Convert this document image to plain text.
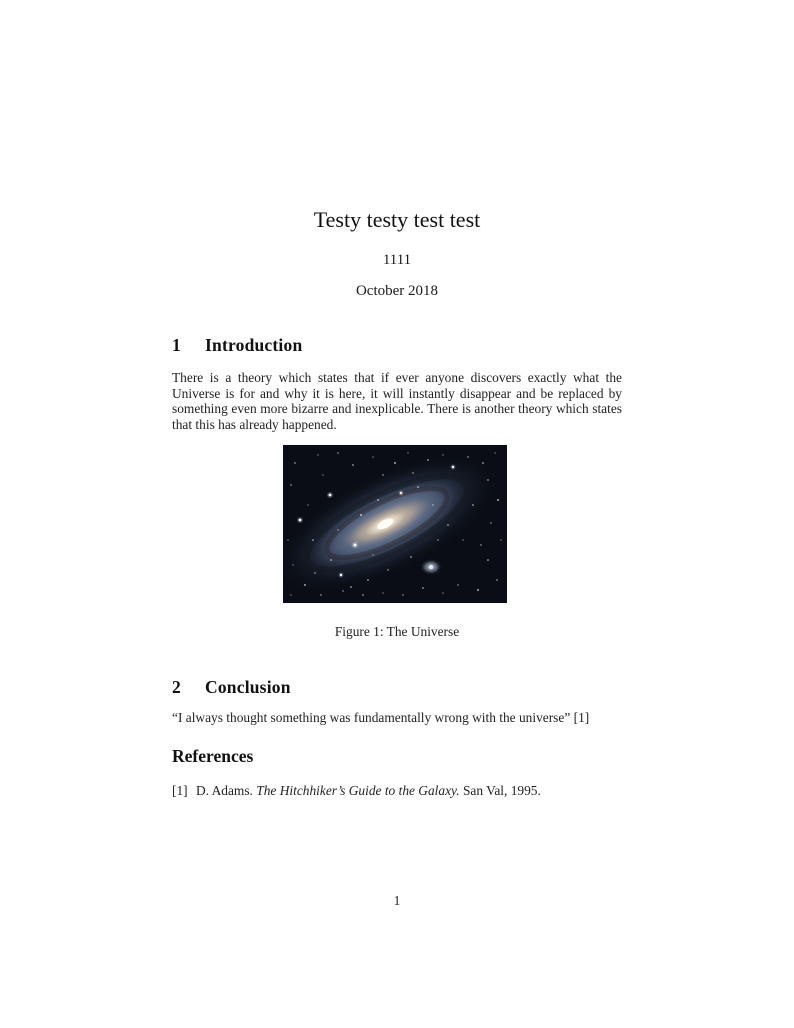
Testy testy test test
1111
October 2018
1 Introduction
There is a theory which states that if ever anyone discovers exactly what the Universe is for and why it is here, it will instantly disappear and be replaced by something even more bizarre and inexplicable. There is another theory which states that this has already happened.
Figure 1: The Universe
2 Conclusion
“I always thought something was fundamentally wrong with the universe” [1]
References
[1] D. Adams. The Hitchhiker’s Guide to the Galaxy. San Val, 1995.
1
